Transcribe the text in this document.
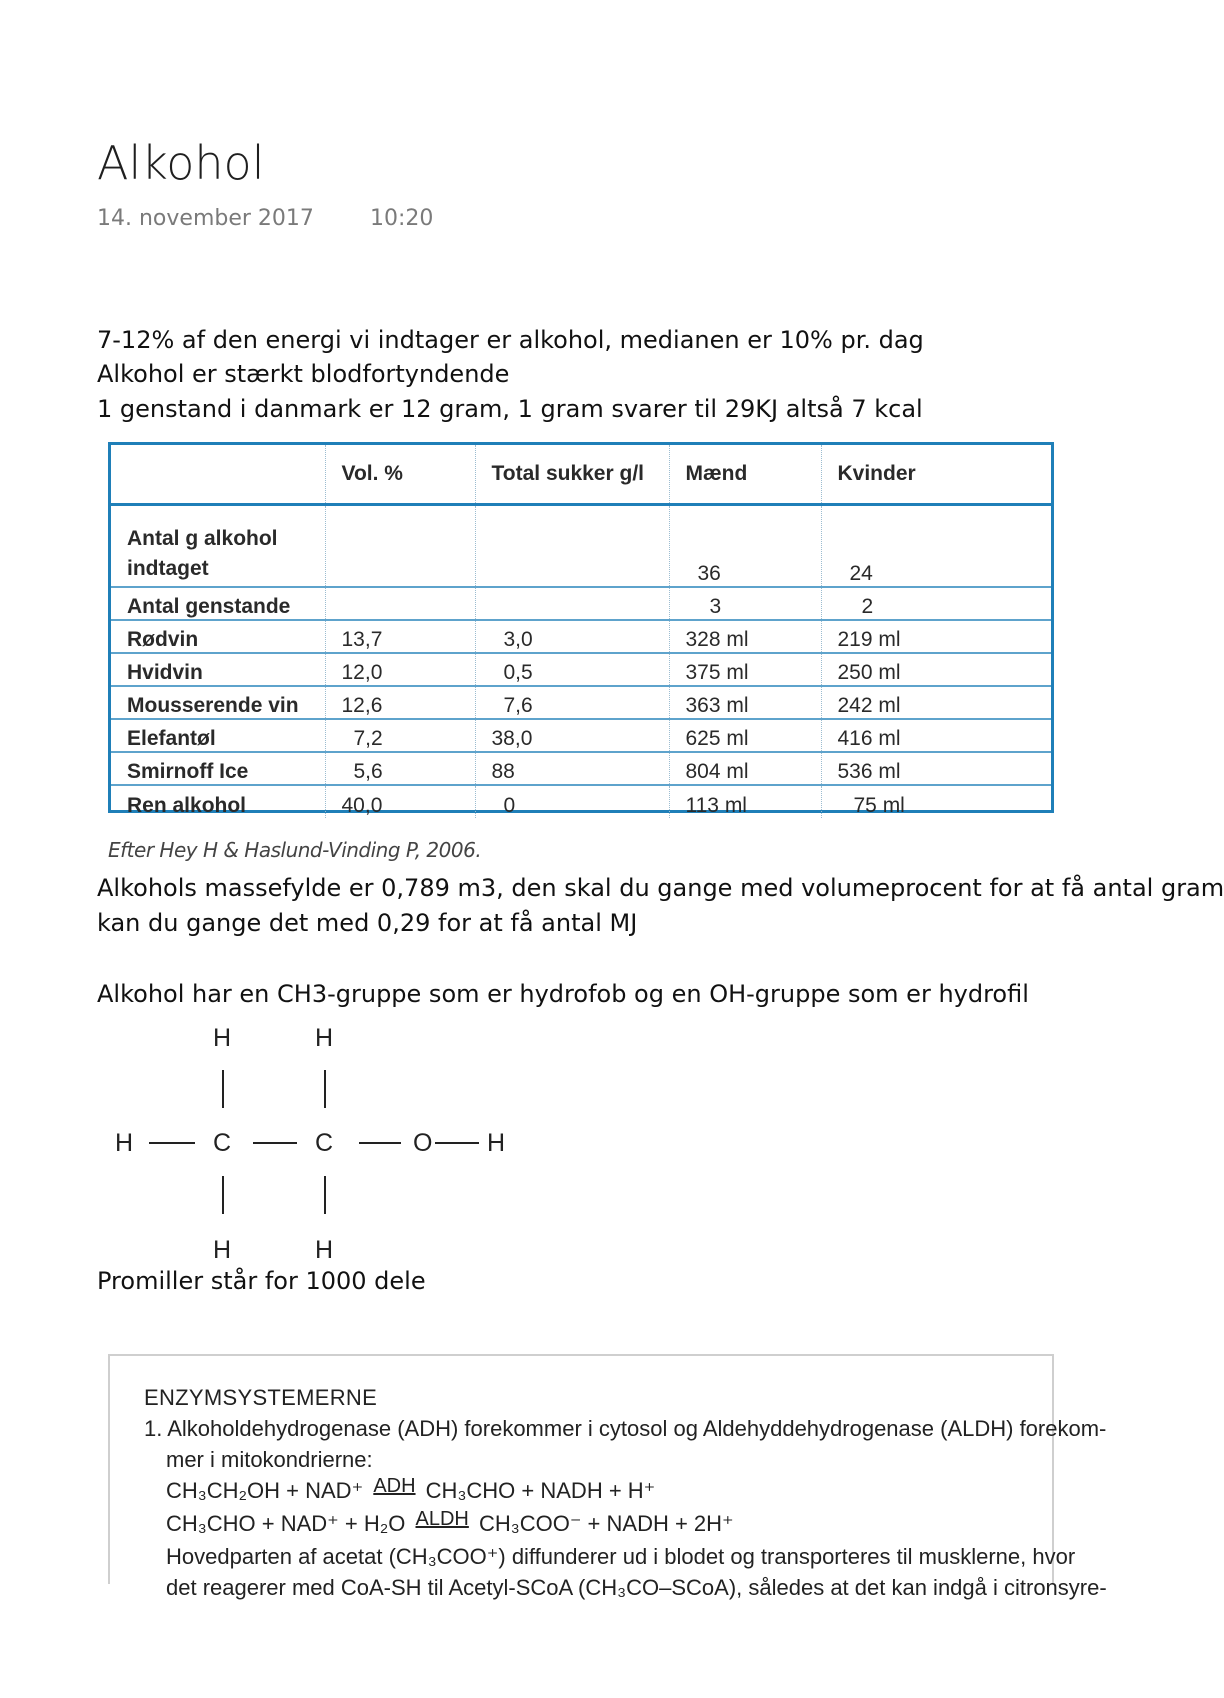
Alkohol
14. november 2017	10:20
7-12% af den energi vi indtager er alkohol, medianen er 10% pr. dag
Alkohol er stærkt blodfortyndende
1 genstand i danmark er 12 gram, 1 gram svarer til 29KJ altså 7 kcal
	Vol. %	Total sukker g/l	Mænd	Kvinder
Antal g alkohol indtaget			36	24
Antal genstande			3	2
Rødvin	13,7	3,0	328 ml	219 ml
Hvidvin	12,0	0,5	375 ml	250 ml
Mousserende vin	12,6	7,6	363 ml	242 ml
Elefantøl	7,2	38,0	625 ml	416 ml
Smirnoff Ice	5,6	88	804 ml	536 ml
Ren alkohol	40,0	0	113 ml	75 ml
Efter Hey H & Haslund-Vinding P, 2006.
Alkohols massefylde er 0,789 m3, den skal du gange med volumeprocent for at få antal gram
kan du gange det med 0,29 for at få antal MJ
Alkohol har en CH3-gruppe som er hydrofob og en OH-gruppe som er hydrofil
H	H
H	C	C	O H
H	H
Promiller står for 1000 dele
ENZYMSYSTEMERNE
1. Alkoholdehydrogenase (ADH) forekommer i cytosol og Aldehyddehydrogenase (ALDH) forekom-
mer i mitokondrierne:
CH₃CH₂OH + NAD⁺ ADH CH₃CHO + NADH + H⁺
CH₃CHO + NAD⁺ + H₂O ALDH CH₃COO⁻ + NADH + 2H⁺
Hovedparten af acetat (CH₃COO⁺) diffunderer ud i blodet og transporteres til musklerne, hvor
det reagerer med CoA-SH til Acetyl-SCoA (CH₃CO–SCoA), således at det kan indgå i citronsyre-
